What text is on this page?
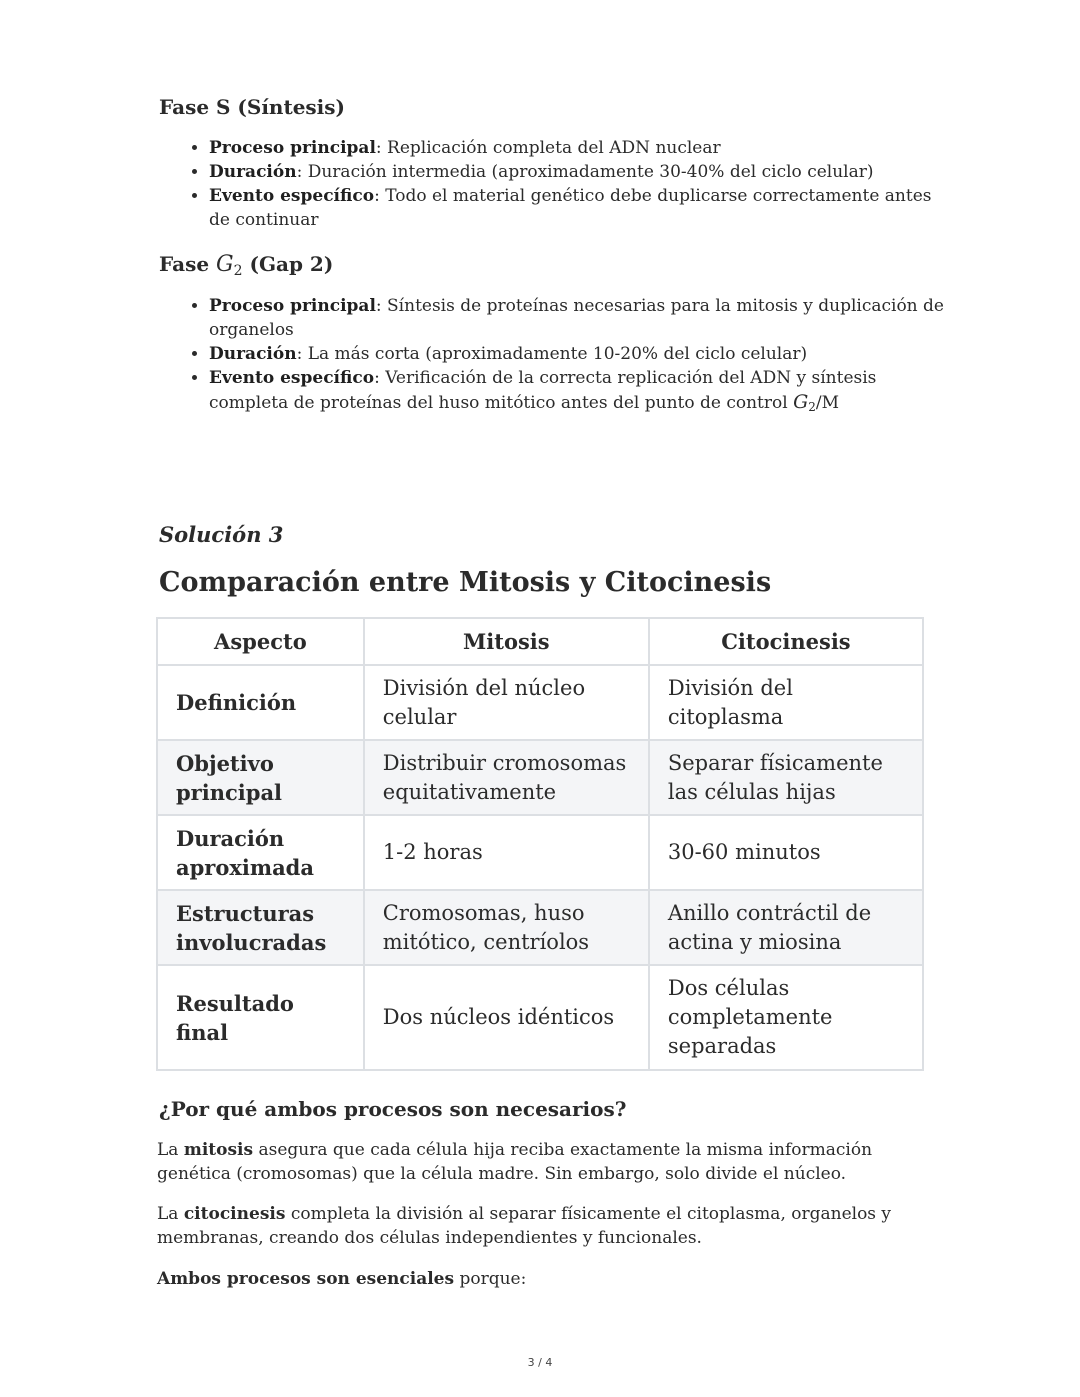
Fase S (Síntesis)
• Proceso principal: Replicación completa del ADN nuclear
• Duración: Duración intermedia (aproximadamente 30-40% del ciclo celular)
• Evento específico: Todo el material genético debe duplicarse correctamente antes de continuar
Fase $G_2$ (Gap 2)
• Proceso principal: Síntesis de proteínas necesarias para la mitosis y duplicación de organelos
• Duración: La más corta (aproximadamente 10-20% del ciclo celular)
• Evento específico: Verificación de la correcta replicación del ADN y síntesis completa de proteínas del huso mitótico antes del punto de control $G_2/M$

Solución 3

Comparación entre Mitosis y Citocinesis
Aspecto	Mitosis	Citocinesis
Definición	División del núcleo celular	División del citoplasma
Objetivo principal	Distribuir cromosomas equitativamente	Separar físicamente las células hijas
Duración aproximada	1-2 horas	30-60 minutos
Estructuras involucradas	Cromosomas, huso mitótico, centríolos	Anillo contráctil de actina y miosina
Resultado final	Dos núcleos idénticos	Dos células completamente separadas
¿Por qué ambos procesos son necesarios?

La mitosis asegura que cada célula hija reciba exactamente la misma información genética (cromosomas) que la célula madre. Sin embargo, solo divide el núcleo.

La citocinesis completa la división al separar físicamente el citoplasma, organelos y membranas, creando dos células independientes y funcionales.

Ambos procesos son esenciales porque:

3 / 4
